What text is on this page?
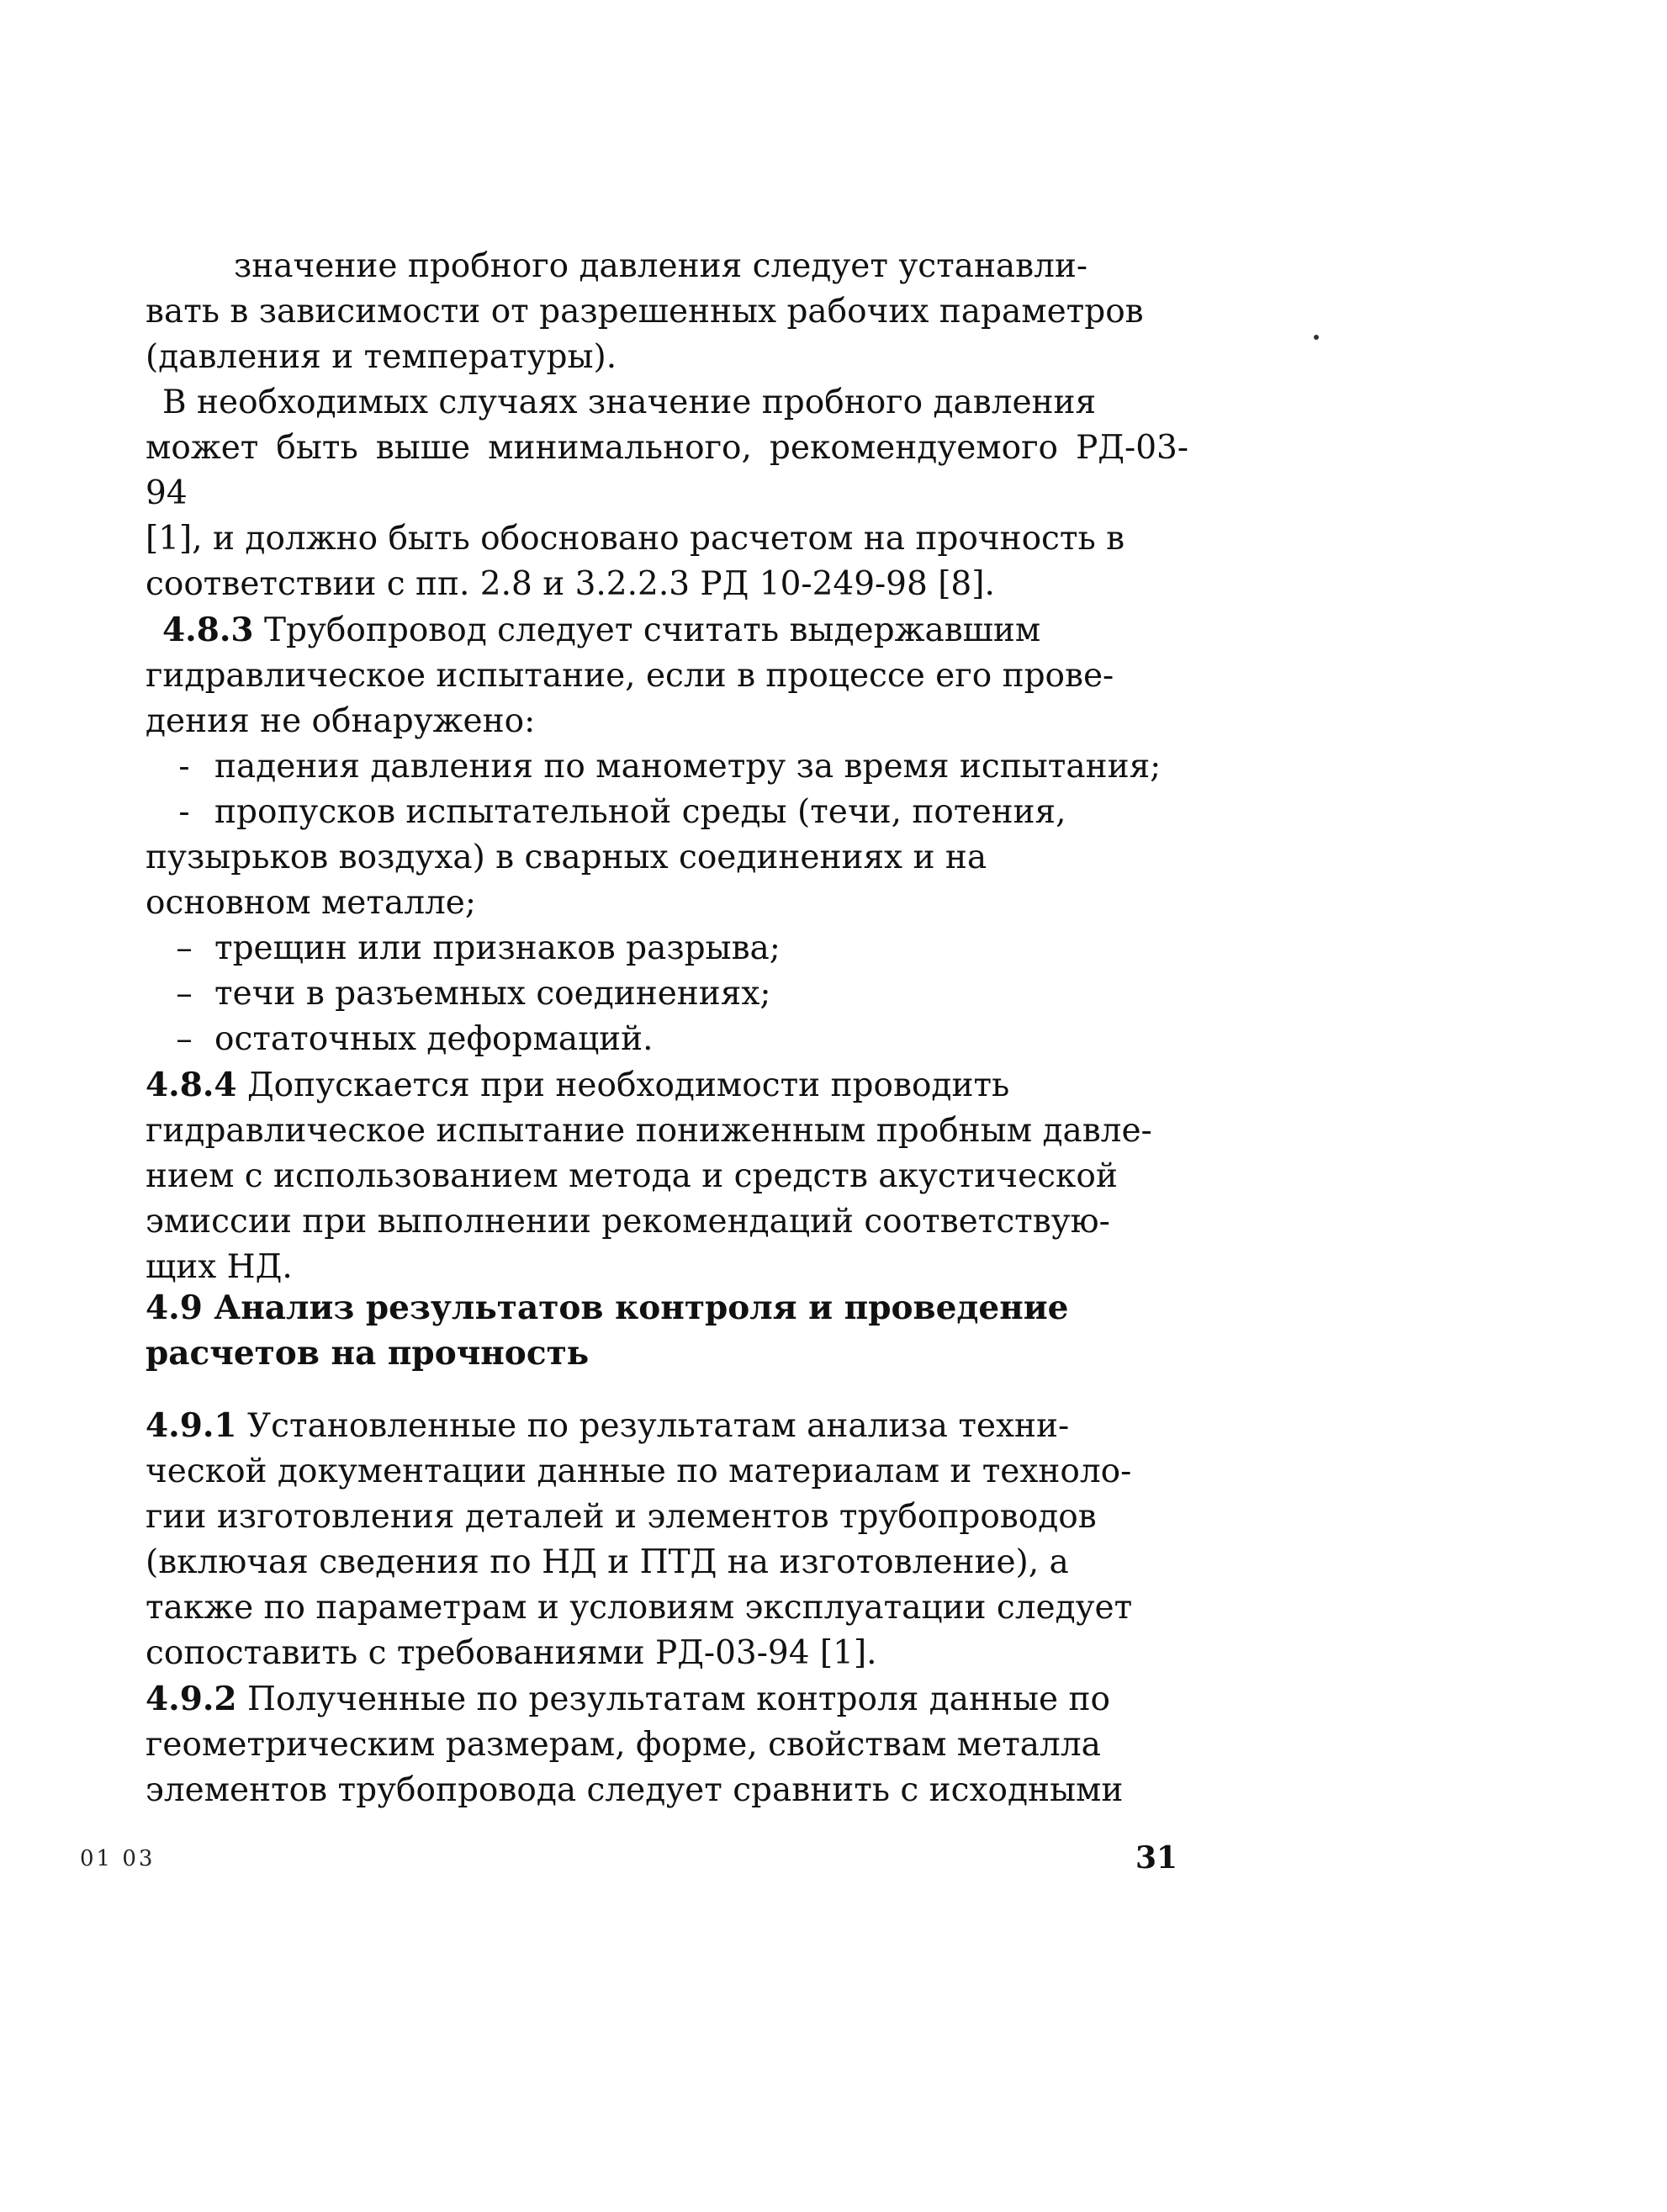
значение пробного давления следует устанавли-
вать в зависимости от разрешенных рабочих параметров
(давления и температуры).

В необходимых случаях значение пробного давления
может быть выше минимального, рекомендуемого РД-03-94
[1], и должно быть обосновано расчетом на прочность в
соответствии с пп. 2.8 и 3.2.2.3 РД 10-249-98 [8].

4.8.3 Трубопровод следует считать выдержавшим
гидравлическое испытание, если в процессе его прове-
дения не обнаружено:

- падения давления по манометру за время испытания;

- пропусков испытательной среды (течи, потения,
пузырьков воздуха) в сварных соединениях и на
основном металле;

– трещин или признаков разрыва;

– течи в разъемных соединениях;

– остаточных деформаций.

4.8.4 Допускается при необходимости проводить
гидравлическое испытание пониженным пробным давле-
нием с использованием метода и средств акустической
эмиссии при выполнении рекомендаций соответствую-
щих НД.

4.9 Анализ результатов контроля и проведение
расчетов на прочность

4.9.1 Установленные по результатам анализа техни-
ческой документации данные по материалам и техноло-
гии изготовления деталей и элементов трубопроводов
(включая сведения по НД и ПТД на изготовление), а
также по параметрам и условиям эксплуатации следует
сопоставить с требованиями РД-03-94 [1].

4.9.2 Полученные по результатам контроля данные по
геометрическим размерам, форме, свойствам металла
элементов трубопровода следует сравнить с исходными

01 03	31
